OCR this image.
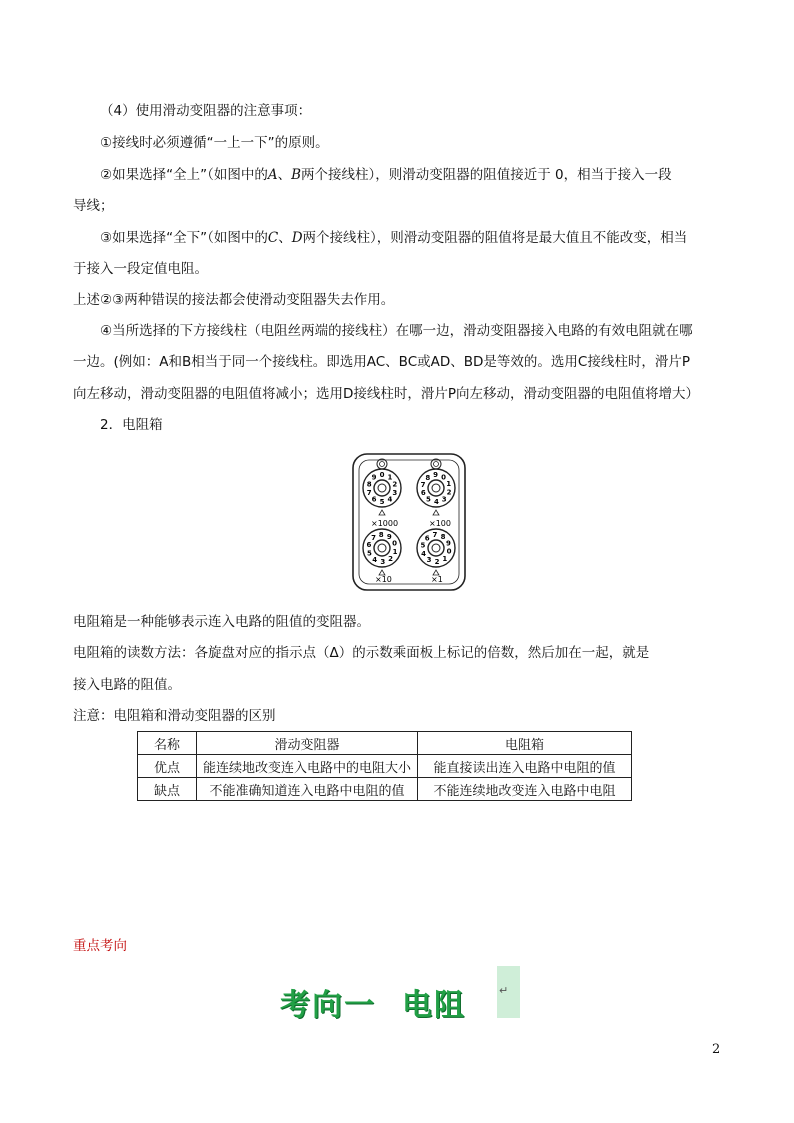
（4）使用滑动变阻器的注意事项：
①接线时必须遵循“一上一下”的原则。
②如果选择“全上”（如图中的A、B两个接线柱），则滑动变阻器的阻值接近于 0，相当于接入一段
导线；
③如果选择“全下”（如图中的C、D两个接线柱），则滑动变阻器的阻值将是最大值且不能改变，相当
于接入一段定值电阻。
上述②③两种错误的接法都会使滑动变阻器失去作用。
④当所选择的下方接线柱（电阻丝两端的接线柱）在哪一边，滑动变阻器接入电路的有效电阻就在哪
一边。(例如：A和B相当于同一个接线柱。即选用AC、BC或AD、BD是等效的。选用C接线柱时，滑片P
向左移动，滑动变阻器的电阻值将减小；选用D接线柱时，滑片P向左移动，滑动变阻器的电阻值将增大）
2．电阻箱
0 1
2
3
4
5
6
7
8
9
×1000
0
1
2
3
4
5
6
7
8 9
×100
0
1
2
3
4
5
6
7 8 9
×10
0
1
2
3
4
5
6 7 8
9
×1
电阻箱是一种能够表示连入电路的阻值的变阻器。
电阻箱的读数方法：各旋盘对应的指示点（Δ）的示数乘面板上标记的倍数，然后加在一起，就是
接入电路的阻值。
注意：电阻箱和滑动变阻器的区别
名称	滑动变阻器	电阻箱
优点	能连续地改变连入电路中的电阻大小	能直接读出连入电路中电阻的值
缺点	不能准确知道连入电路中电阻的值	不能连续地改变连入电路中电阻
重点考向
考向一 电阻	↵
2
